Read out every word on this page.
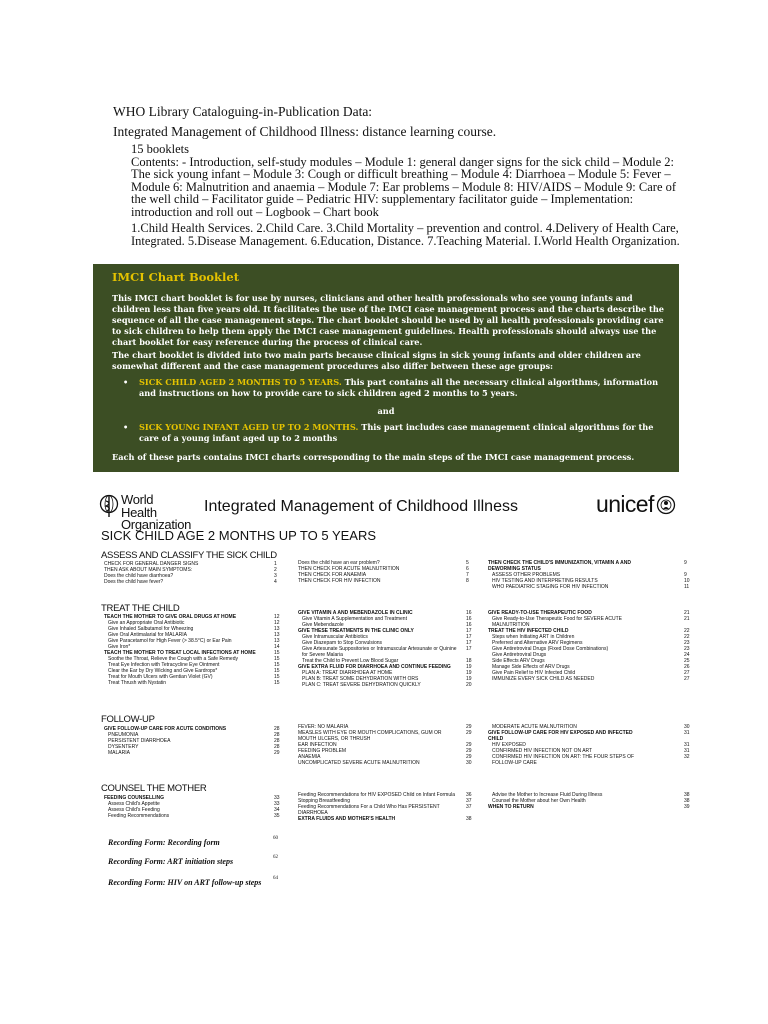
WHO Library Cataloguing-in-Publication Data:
Integrated Management of Childhood Illness: distance learning course.
15 booklets
Contents: - Introduction, self-study modules – Module 1: general danger signs for the sick child – Module 2: The sick young infant – Module 3: Cough or difficult breathing – Module 4: Diarrhoea – Module 5: Fever – Module 6: Malnutrition and anaemia – Module 7: Ear problems – Module 8: HIV/AIDS – Module 9: Care of the well child – Facilitator guide – Pediatric HIV: supplementary facilitator guide – Implementation: introduction and roll out – Logbook – Chart book
1.Child Health Services. 2.Child Care. 3.Child Mortality – prevention and control. 4.Delivery of Health Care, Integrated. 5.Disease Management. 6.Education, Distance. 7.Teaching Material. I.World Health Organization.
IMCI Chart Booklet
This IMCI chart booklet is for use by nurses, clinicians and other health professionals who see young infants and children less than five years old. It facilitates the use of the IMCI case management process and the charts describe the sequence of all the case management steps. The chart booklet should be used by all health professionals providing care to sick children to help them apply the IMCI case management guidelines. Health professionals should always use the chart booklet for easy reference during the process of clinical care.
The chart booklet is divided into two main parts because clinical signs in sick young infants and older children are somewhat different and the case management procedures also differ between these age groups:
• SICK CHILD AGED 2 MONTHS TO 5 YEARS. This part contains all the necessary clinical algorithms, information and instructions on how to provide care to sick children aged 2 months to 5 years.
and
• SICK YOUNG INFANT AGED UP TO 2 MONTHS. This part includes case management clinical algorithms for the care of a young infant aged up to 2 months
Each of these parts contains IMCI charts corresponding to the main steps of the IMCI case management process.
World Health
Organization
Integrated Management of Childhood Illness	unicef
SICK CHILD AGE 2 MONTHS UP TO 5 YEARS
ASSESS AND CLASSIFY THE SICK CHILD
CHECK FOR GENERAL DANGER SIGNS	1
THEN ASK ABOUT MAIN SYMPTOMS:	2
Does the child have diarrhoea?	3
Does the child have fever?	4
TREAT THE CHILD
TEACH THE MOTHER TO GIVE ORAL DRUGS AT HOME	12
Give an Appropriate Oral Antibiotic	12
Give Inhaled Salbutamol for Wheezing	13
Give Oral Antimalarial for MALARIA	13
Give Paracetamol for High Fever (> 38.5°C) or Ear Pain	13
Give Iron*	14
TEACH THE MOTHER TO TREAT LOCAL INFECTIONS AT HOME	15
Soothe the Throat, Relieve the Cough with a Safe Remedy	15
Treat Eye Infection with Tetracycline Eye Ointment	15
Clear the Ear by Dry Wicking and Give Eardrops*	15
Treat for Mouth Ulcers with Gentian Violet (GV)	15
Treat Thrush with Nystatin	15
FOLLOW-UP
GIVE FOLLOW-UP CARE FOR ACUTE CONDITIONS	28
PNEUMONIA	28
PERSISTENT DIARRHOEA	28
DYSENTERY	28
MALARIA	29
COUNSEL THE MOTHER
FEEDING COUNSELLING	33
Assess Child's Appetite	33
Assess Child's Feeding	34
Feeding Recommendations	35
Does the child have an ear problem?	5
THEN CHECK FOR ACUTE MALNUTRITION	6
THEN CHECK FOR ANAEMIA	7
THEN CHECK FOR HIV INFECTION	8
GIVE VITAMIN A AND MEBENDAZOLE IN CLINIC	16
Give Vitamin A Supplementation and Treatment	16
Give Mebendazole	16
GIVE THESE TREATMENTS IN THE CLINIC ONLY	17
Give Intramuscular Antibiotics	17
Give Diazepam to Stop Convulsions	17
Give Artesunate Suppositories or Intramuscular Artesunate or Quinine 17
for Severe Malaria
Treat the Child to Prevent Low Blood Sugar	18
GIVE EXTRA FLUID FOR DIARRHOEA AND CONTINUE FEEDING	19
PLAN A: TREAT DIARRHOEA AT HOME	19
PLAN B: TREAT SOME DEHYDRATION WITH ORS	19
PLAN C: TREAT SEVERE DEHYDRATION QUICKLY	20
FEVER: NO MALARIA	29
MEASLES WITH EYE OR MOUTH COMPLICATIONS, GUM OR	29
MOUTH ULCERS, OR THRUSH
EAR INFECTION	29
FEEDING PROBLEM	29
ANAEMIA	29
UNCOMPLICATED SEVERE ACUTE MALNUTRITION	30
Feeding Recommendations for HIV EXPOSED Child on Infant Formula 36
Stopping Breastfeeding	37
Feeding Recommendations For a Child Who Has PERSISTENT	37
DIARRHOEA
EXTRA FLUIDS AND MOTHER'S HEALTH	38
THEN CHECK THE CHILD'S IMMUNIZATION, VITAMIN A AND	9
DEWORMING STATUS
ASSESS OTHER PROBLEMS	9
HIV TESTING AND INTERPRETING RESULTS	10
WHO PAEDIATRIC STAGING FOR HIV INFECTION	11
GIVE READY-TO-USE THERAPEUTIC FOOD	21
Give Ready-to-Use Therapeutic Food for SEVERE ACUTE	21
MALNUTRITION
TREAT THE HIV INFECTED CHILD	22
Steps when Initiating ART in Children	22
Preferred and Alternative ARV Regimens	23
Give Antiretroviral Drugs (Fixed Dose Combinations)	23
Give Antiretroviral Drugs	24
Side Effects ARV Drugs	25
Manage Side Effects of ARV Drugs	26
Give Pain Relief to HIV Infected Child	27
IMMUNIZE EVERY SICK CHILD AS NEEDED	27
MODERATE ACUTE MALNUTRITION	30
GIVE FOLLOW-UP CARE FOR HIV EXPOSED AND INFECTED	31
CHILD
HIV EXPOSED	31
CONFIRMED HIV INFECTION NOT ON ART	31
CONFIRMED HIV INFECTION ON ART: THE FOUR STEPS OF	32
FOLLOW-UP CARE
Advise the Mother to Increase Fluid During Illness	38
Counsel the Mother about her Own Health	38
WHEN TO RETURN	39
Recording Form: Recording form	60
Recording Form: ART initiation steps	62
Recording Form: HIV on ART follow-up steps 64
